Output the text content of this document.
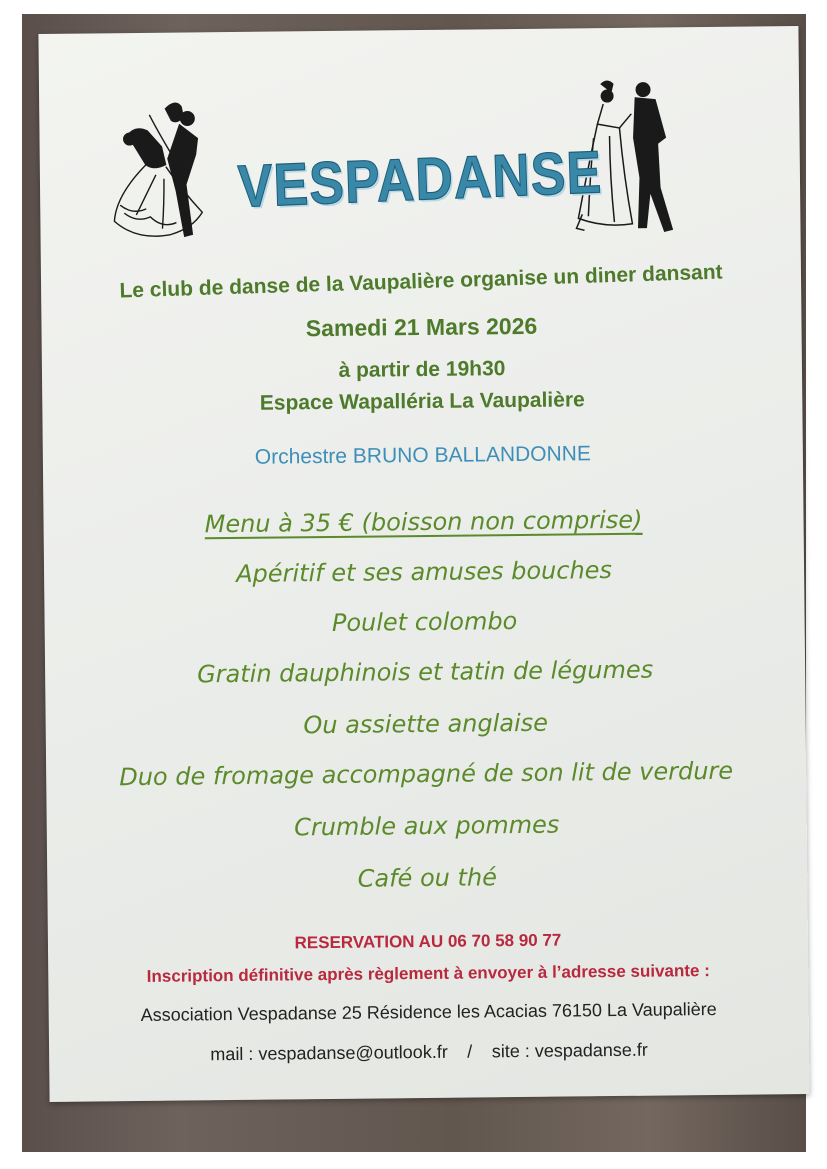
VESPADANSE
Le club de danse de la Vaupalière organise un diner dansant
Samedi 21 Mars 2026
à partir de 19h30
Espace Wapalléria La Vaupalière
Orchestre BRUNO BALLANDONNE
Menu à 35 € (boisson non comprise)
Apéritif et ses amuses bouches
Poulet colombo
Gratin dauphinois et tatin de légumes
Ou assiette anglaise
Duo de fromage accompagné de son lit de verdure
Crumble aux pommes
Café ou thé
RESERVATION AU 06 70 58 90 77
Inscription définitive après règlement à envoyer à l’adresse suivante :
Association Vespadanse 25 Résidence les Acacias 76150 La Vaupalière
mail : vespadanse@outlook.fr / site : vespadanse.fr
